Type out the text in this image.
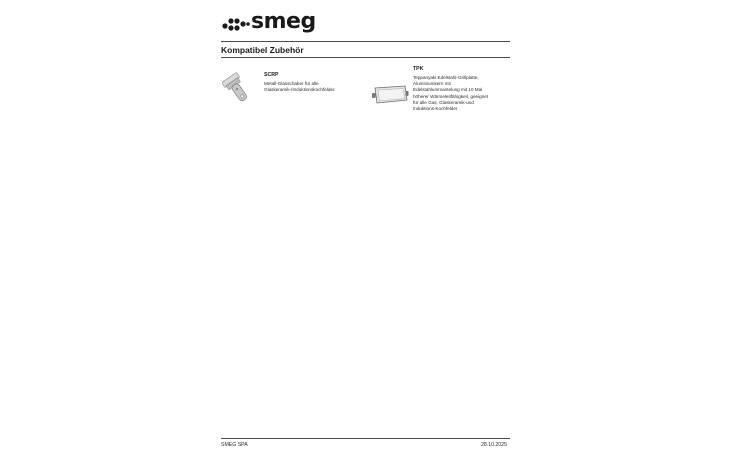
smeg
Kompatibel Zubehör
SCRP
Metall-Glasschaber für alle
Glaskeramik-/Induktionskochfelder.
TPK
Teppanyaki Edelstahl-Grillplatte,
Aluminiumkern mit
Edelstahlummantelung mit 10 Mal
höherer Wärmeleitfähigkeit, geeignet
für alle Gas, Glaskeramik-und
Induktions-Kochfelder
SMEG SPA	28.10.2025
